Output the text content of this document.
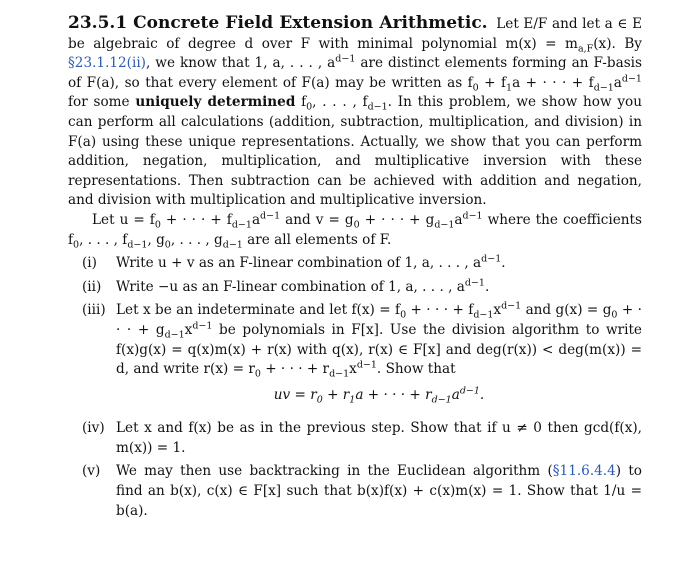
23.5.1 Concrete Field Extension Arithmetic. Let E/F and let a ∈ E be algebraic of degree d over F with minimal polynomial $m(x) = m_{a,F}(x)$. By §23.1.12(ii), we know that 1, a, . . . , $a^{d-1}$ are distinct elements forming an F-basis of F(a), so that every element of F(a) may be written as $f_0 + f_1a$ + · · · + $f_{d-1}a^{d-1}$ for some uniquely determined $f_0$, . . . , $f_{d-1}$. In this problem, we show how you can perform all calculations (addition, subtraction, multiplication, and division) in F(a) using these unique representations. Actually, we show that you can perform addition, negation, multiplication, and multiplicative inversion with these representations. Then subtraction can be achieved with addition and negation, and division with multiplication and multiplicative inversion.

Let $u = f_0$ + · · · + $f_{d-1}a^{d-1}$ and $v = g_0$ + · · · + $g_{d-1}a^{d-1}$ where the coefficients $f_0$, . . . , $f_{d-1}$, $g_0$, . . . , $g_{d-1}$ are all elements of F.

(i)	Write u + v as an F-linear combination of 1, a, . . . , $a^{d-1}$.
(ii)	Write −u as an F-linear combination of 1, a, . . . , $a^{d-1}$.
(iii) Let x be an indeterminate and let $f(x) = f_0$ + · · · + $f_{d-1}x^{d-1}$ and $g(x) = g_0$ + · · · + $g_{d-1}x^{d-1}$ be polynomials in F[x]. Use the division algorithm to write f(x)g(x) = q(x)m(x) + r(x) with q(x), r(x) ∈ F[x] and deg(r(x)) < deg(m(x)) = d, and write $r(x) = r_0$ + · · · + $r_{d-1}x^{d-1}$. Show that

uv = $r_0 + r_1a$ + · · · + $r_{d-1}a^{d-1}$.

(iv) Let x and f(x) be as in the previous step. Show that if u ≠ 0 then gcd(f(x), m(x)) = 1.
(v)	We may then use backtracking in the Euclidean algorithm (§11.6.4.4) to find an b(x), c(x) ∈ F[x] such that b(x)f(x) + c(x)m(x) = 1. Show that 1/u = b(a).
